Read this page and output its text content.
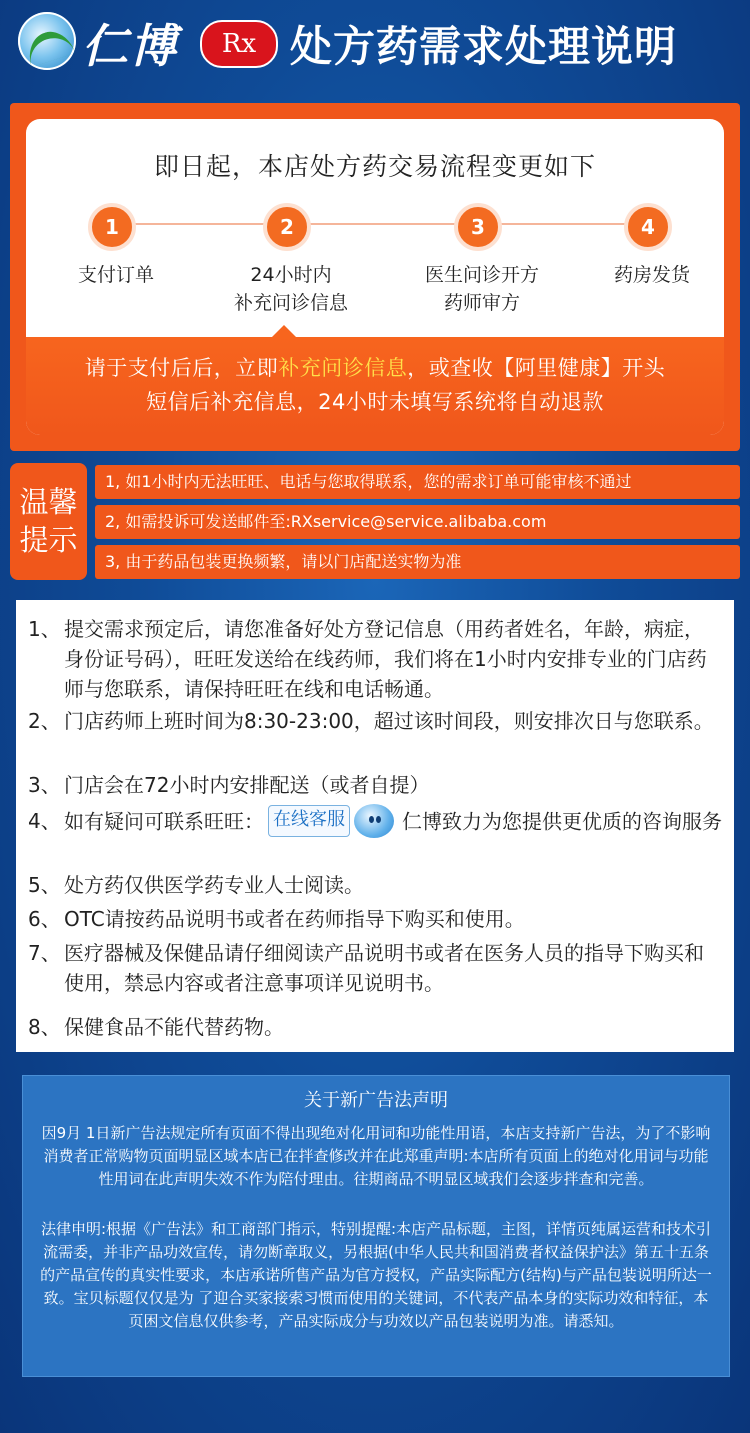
仁博	Rx 处方药需求处理说明
即日起，本店处方药交易流程变更如下
1
支付订单
2
24小时内
补充问诊信息
3
医生问诊开方
药师审方
4
药房发货
请于支付后后，立即补充问诊信息，或查收【阿里健康】开头
短信后补充信息，24小时未填写系统将自动退款
温馨
提示
1, 如1小时内无法旺旺、电话与您取得联系，您的需求订单可能审核不通过
2, 如需投诉可发送邮件至:RXservice@service.alibaba.com
3, 由于药品包装更换频繁，请以门店配送实物为准
1、 提交需求预定后，请您准备好处方登记信息（用药者姓名，年龄，病症，身份证号码），旺旺发送给在线药师，我们将在1小时内安排专业的门店药师与您联系，请保持旺旺在线和电话畅通。
2、 门店药师上班时间为8:30-23:00，超过该时间段，则安排次日与您联系。
3、 门店会在72小时内安排配送（或者自提）
4、 如有疑问可联系旺旺： 在线客服	仁博致力为您提供更优质的咨询服务
5、 处方药仅供医学药专业人士阅读。
6、 OTC请按药品说明书或者在药师指导下购买和使用。
7、 医疗器械及保健品请仔细阅读产品说明书或者在医务人员的指导下购买和使用，禁忌内容或者注意事项详见说明书。
8、 保健食品不能代替药物。
关于新广告法声明
因9月 1日新广告法规定所有页面不得出现绝对化用词和功能性用语，本店支持新广告法，为了不影响消费者正常购物页面明显区域本店已在拌查修改并在此郑重声明:本店所有页面上的绝对化用词与功能性用词在此声明失效不作为陪付理由。往期商品不明显区域我们会逐步拌查和完善。
法律申明:根据《广告法》和工商部门指示，特别提醒:本店产品标题，主图，详情页纯属运营和技术引流需委，并非产品功效宣传，请勿断章取义，另根据(中华人民共和国消费者权益保护法》第五十五条的产品宣传的真实性要求，本店承诺所售产品为官方授权，产品实际配方(结构)与产品包装说明所达一致。宝贝标题仅仅是为 了迎合买家接索习惯而使用的关键词，不代表产品本身的实际功效和特征，本页困文信息仅供参考，产品实际成分与功效以产品包装说明为准。请悉知。
